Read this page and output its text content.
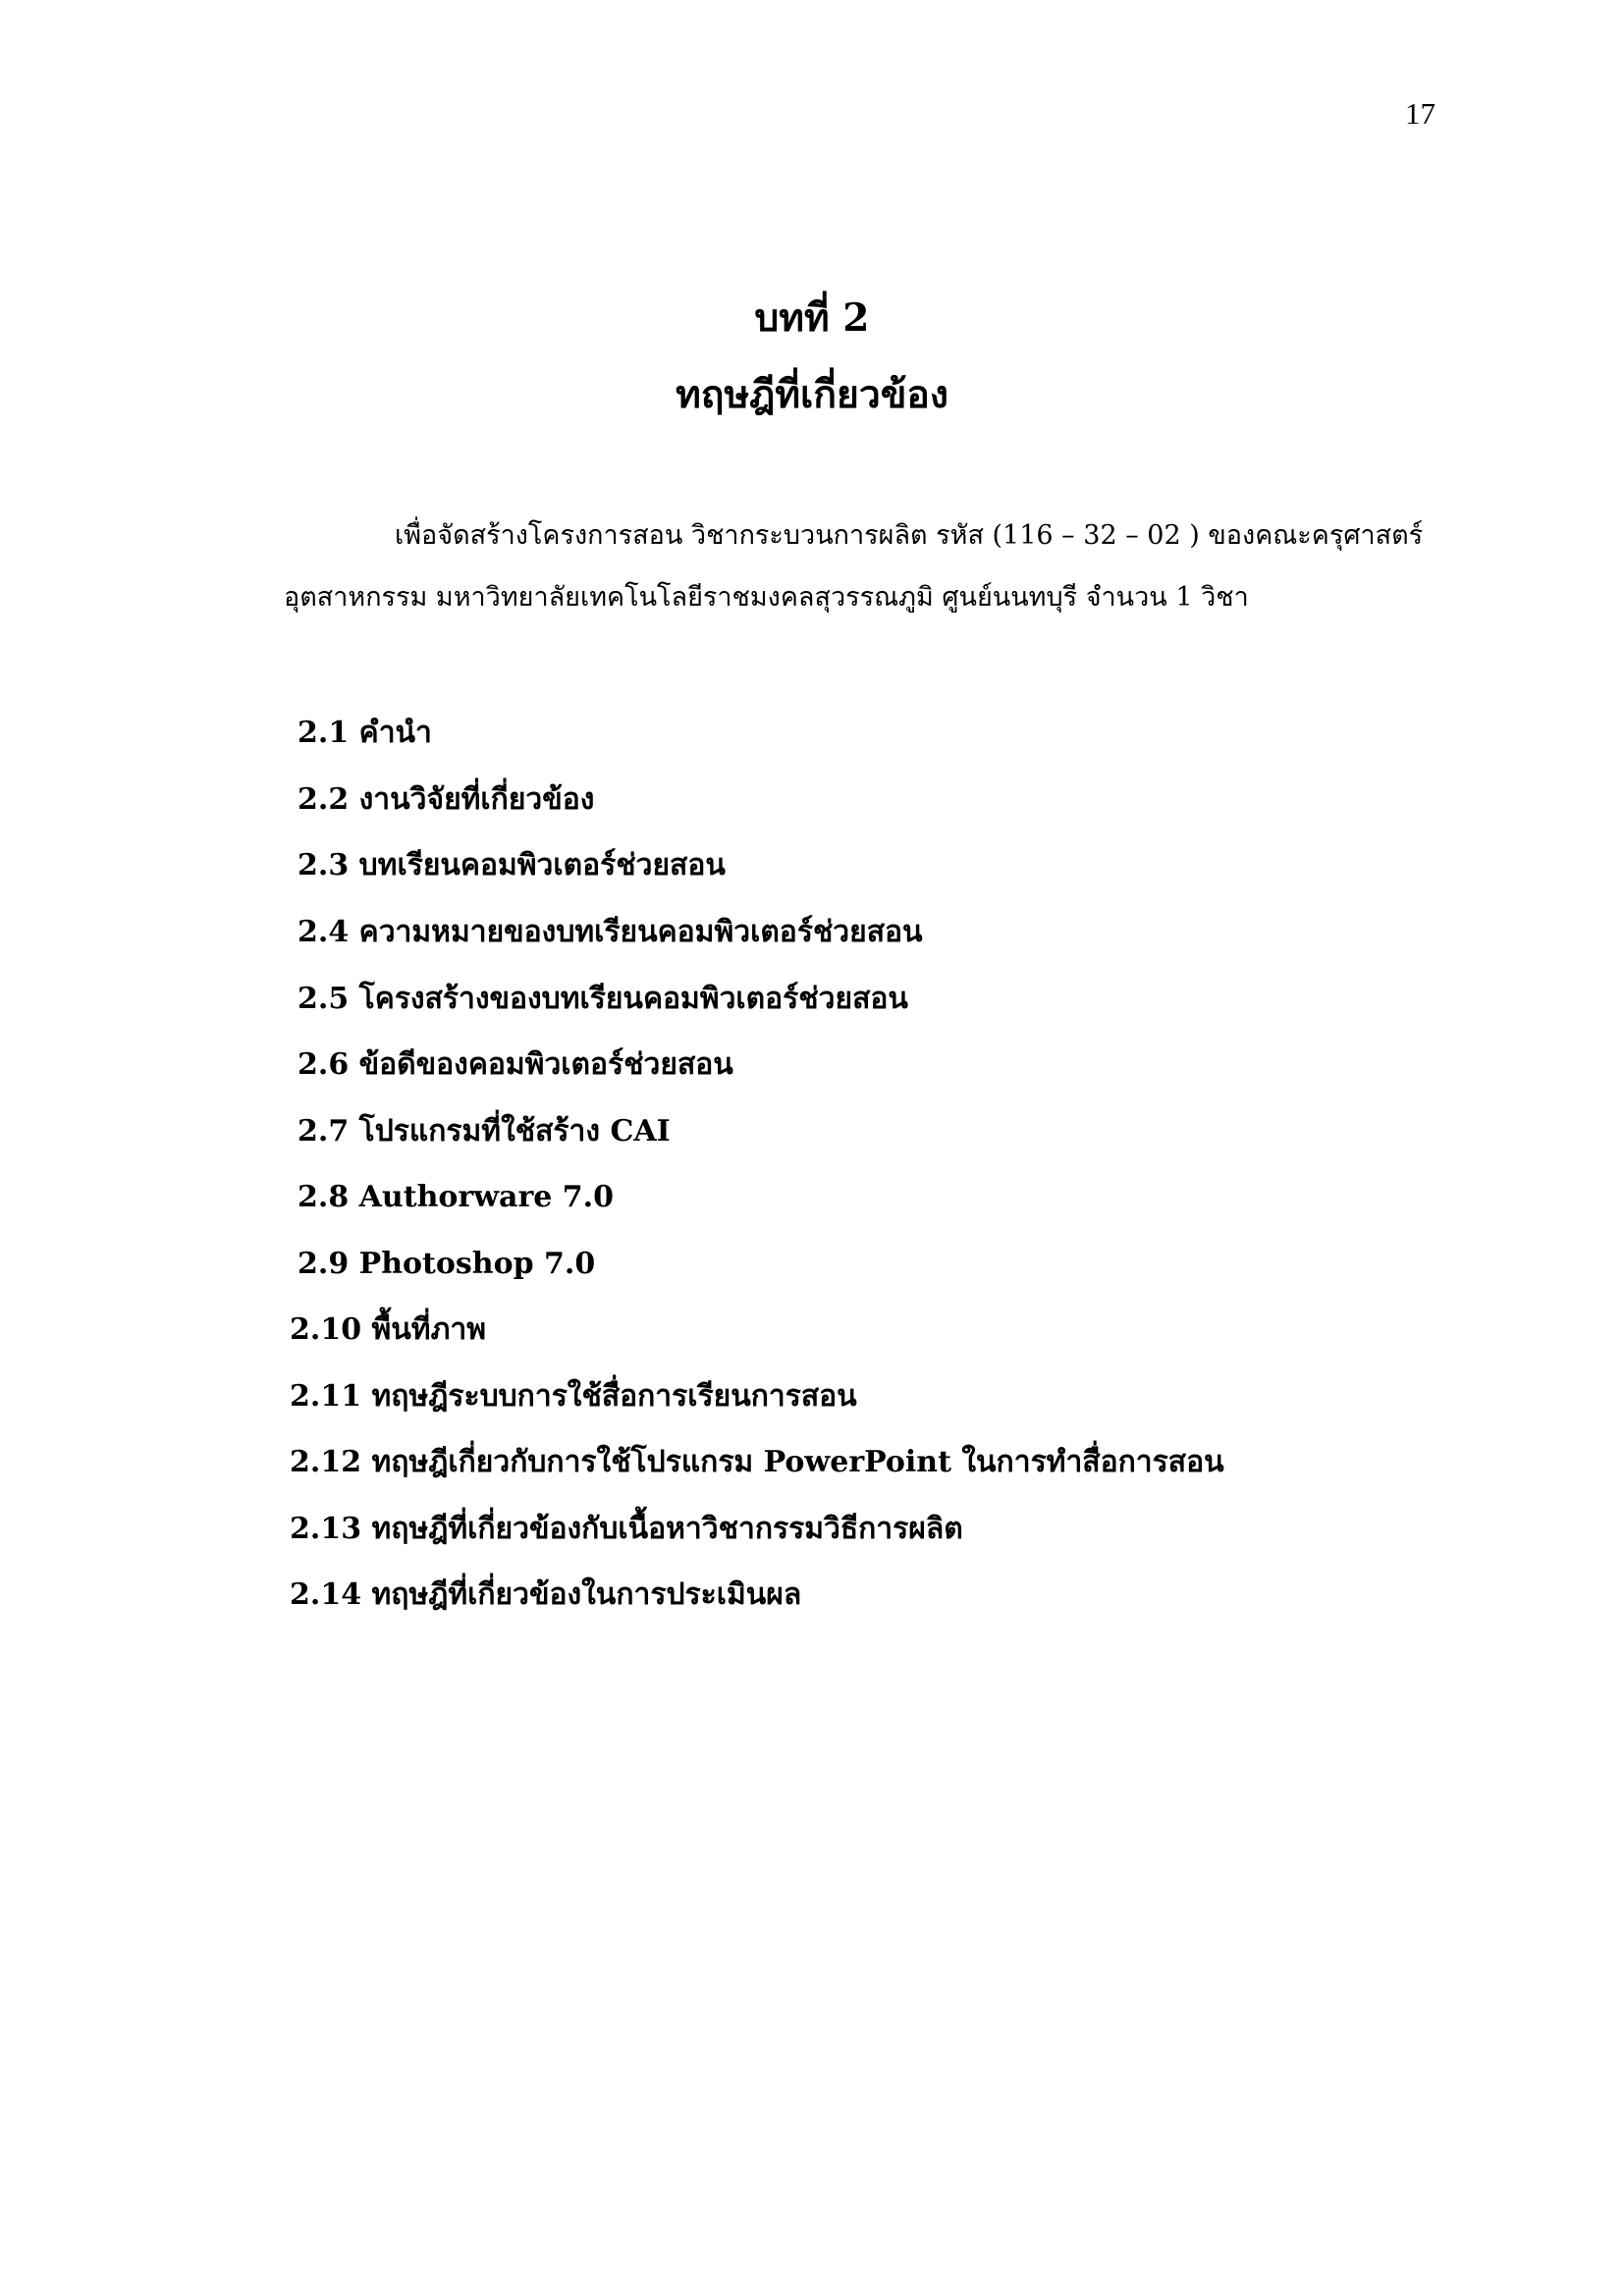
17
บทที่ 2
ทฤษฎีที่เกี่ยวข้อง
เพื่อจัดสร้างโครงการสอน วิชากระบวนการผลิต รหัส (116 – 32 – 02 ) ของคณะครุศาสตร์
อุตสาหกรรม มหาวิทยาลัยเทคโนโลยีราชมงคลสุวรรณภูมิ ศูนย์นนทบุรี จำนวน 1 วิชา
2.1 คำนำ
2.2 งานวิจัยที่เกี่ยวข้อง
2.3 บทเรียนคอมพิวเตอร์ช่วยสอน
2.4 ความหมายของบทเรียนคอมพิวเตอร์ช่วยสอน
2.5 โครงสร้างของบทเรียนคอมพิวเตอร์ช่วยสอน
2.6 ข้อดีของคอมพิวเตอร์ช่วยสอน
2.7 โปรแกรมที่ใช้สร้าง CAI
2.8 Authorware 7.0
2.9 Photoshop 7.0
2.10 พื้นที่ภาพ
2.11 ทฤษฎีระบบการใช้สื่อการเรียนการสอน
2.12 ทฤษฎีเกี่ยวกับการใช้โปรแกรม PowerPoint ในการทำสื่อการสอน
2.13 ทฤษฎีที่เกี่ยวข้องกับเนื้อหาวิชากรรมวิธีการผลิต
2.14 ทฤษฎีที่เกี่ยวข้องในการประเมินผล
